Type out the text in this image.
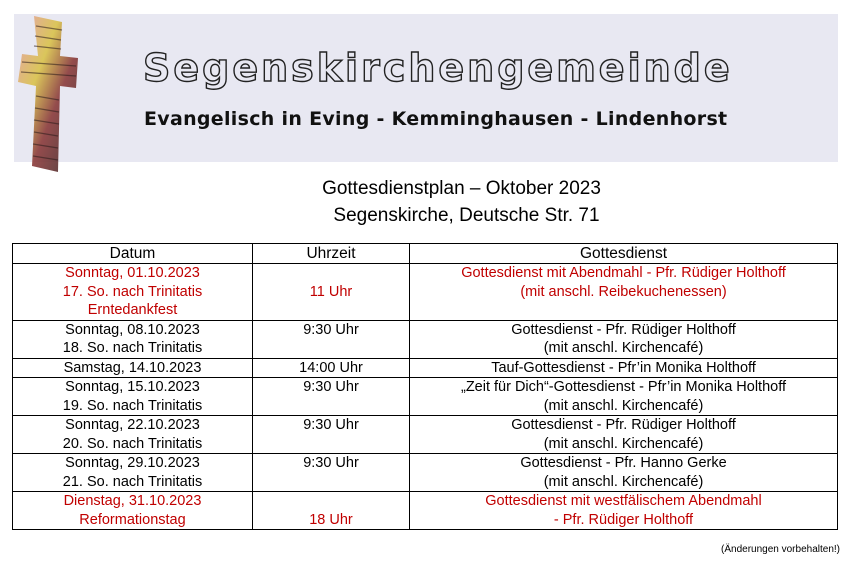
Segenskirchengemeinde
Evangelisch in Eving - Kemminghausen - Lindenhorst
Gottesdienstplan – Oktober 2023
Segenskirche, Deutsche Str. 71
Datum	Uhrzeit	Gottesdienst

Sonntag, 01.10.2023
17. So. nach Trinitatis
Erntedankfest	11 Uhr	Gottesdienst mit Abendmahl - Pfr. Rüdiger Holthoff
(mit anschl. Reibekuchenessen)

Sonntag, 08.10.2023
18. So. nach Trinitatis	9:30 Uhr	Gottesdienst - Pfr. Rüdiger Holthoff
(mit anschl. Kirchencafé)

Samstag, 14.10.2023	14:00 Uhr	Tauf-Gottesdienst - Pfr’in Monika Holthoff

Sonntag, 15.10.2023
19. So. nach Trinitatis	9:30 Uhr	„Zeit für Dich“-Gottesdienst - Pfr’in Monika Holthoff
(mit anschl. Kirchencafé)

Sonntag, 22.10.2023
20. So. nach Trinitatis	9:30 Uhr	Gottesdienst - Pfr. Rüdiger Holthoff
(mit anschl. Kirchencafé)

Sonntag, 29.10.2023
21. So. nach Trinitatis	9:30 Uhr	Gottesdienst - Pfr. Hanno Gerke
(mit anschl. Kirchencafé)

Dienstag, 31.10.2023
Reformationstag	18 Uhr	Gottesdienst mit westfälischem Abendmahl
- Pfr. Rüdiger Holthoff
(Änderungen vorbehalten!)
